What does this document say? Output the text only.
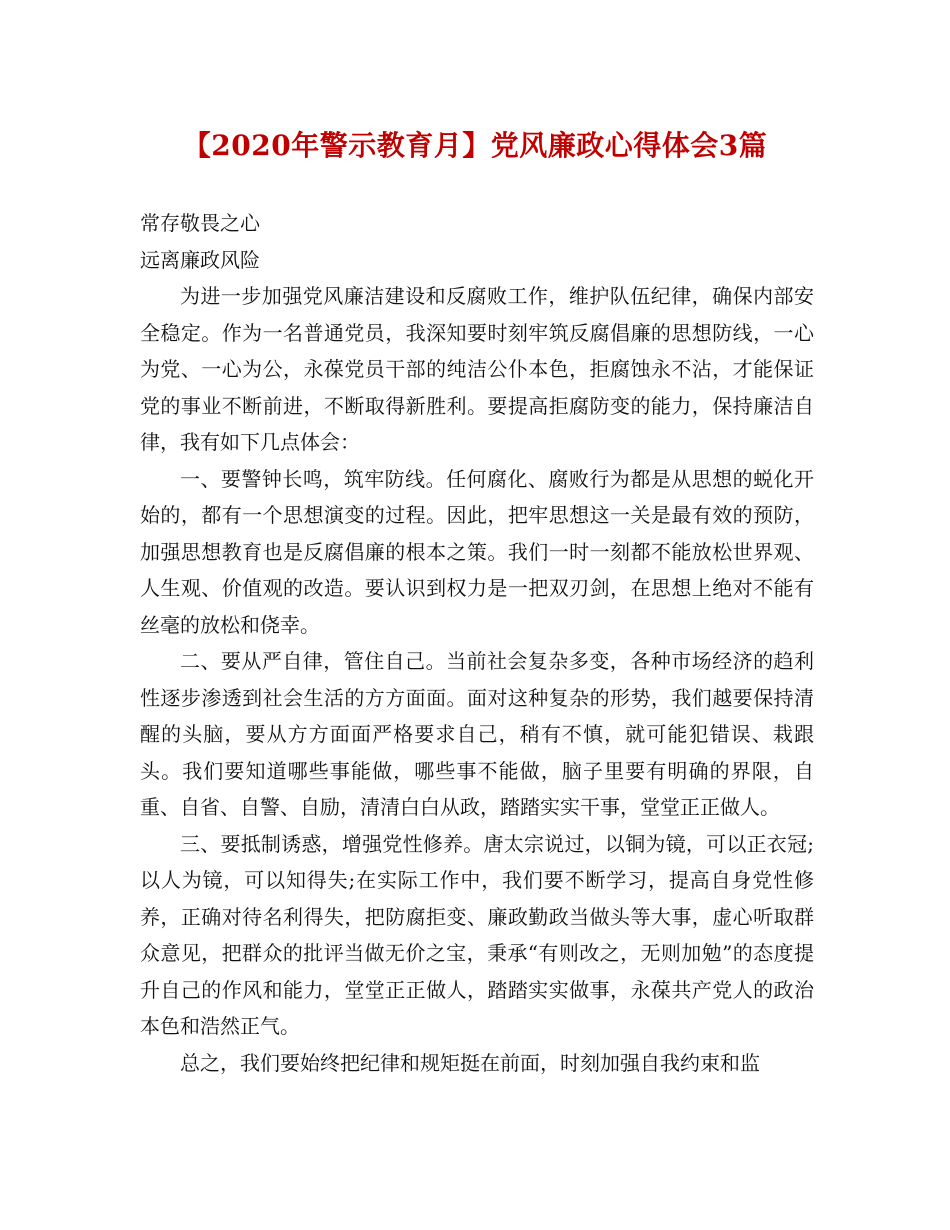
【2020年警示教育月】党风廉政心得体会3篇

常存敬畏之心

远离廉政风险

为进一步加强党风廉洁建设和反腐败工作，维护队伍纪律，确保内部安全稳定。作为一名普通党员，我深知要时刻牢筑反腐倡廉的思想防线，一心为党、一心为公，永葆党员干部的纯洁公仆本色，拒腐蚀永不沾，才能保证党的事业不断前进，不断取得新胜利。要提高拒腐防变的能力，保持廉洁自律，我有如下几点体会：

一、要警钟长鸣，筑牢防线。任何腐化、腐败行为都是从思想的蜕化开始的，都有一个思想演变的过程。因此，把牢思想这一关是最有效的预防，加强思想教育也是反腐倡廉的根本之策。我们一时一刻都不能放松世界观、人生观、价值观的改造。要认识到权力是一把双刃剑，在思想上绝对不能有丝毫的放松和侥幸。

二、要从严自律，管住自己。当前社会复杂多变，各种市场经济的趋利性逐步渗透到社会生活的方方面面。面对这种复杂的形势，我们越要保持清醒的头脑，要从方方面面严格要求自己，稍有不慎，就可能犯错误、栽跟头。我们要知道哪些事能做，哪些事不能做，脑子里要有明确的界限，自重、自省、自警、自励，清清白白从政，踏踏实实干事，堂堂正正做人。

三、要抵制诱惑，增强党性修养。唐太宗说过，以铜为镜，可以正衣冠;以人为镜，可以知得失;在实际工作中，我们要不断学习，提高自身党性修养，正确对待名利得失，把防腐拒变、廉政勤政当做头等大事，虚心听取群众意见，把群众的批评当做无价之宝，秉承“有则改之，无则加勉”的态度提升自己的作风和能力，堂堂正正做人，踏踏实实做事，永葆共产党人的政治本色和浩然正气。

总之，我们要始终把纪律和规矩挺在前面，时刻加强自我约束和监
